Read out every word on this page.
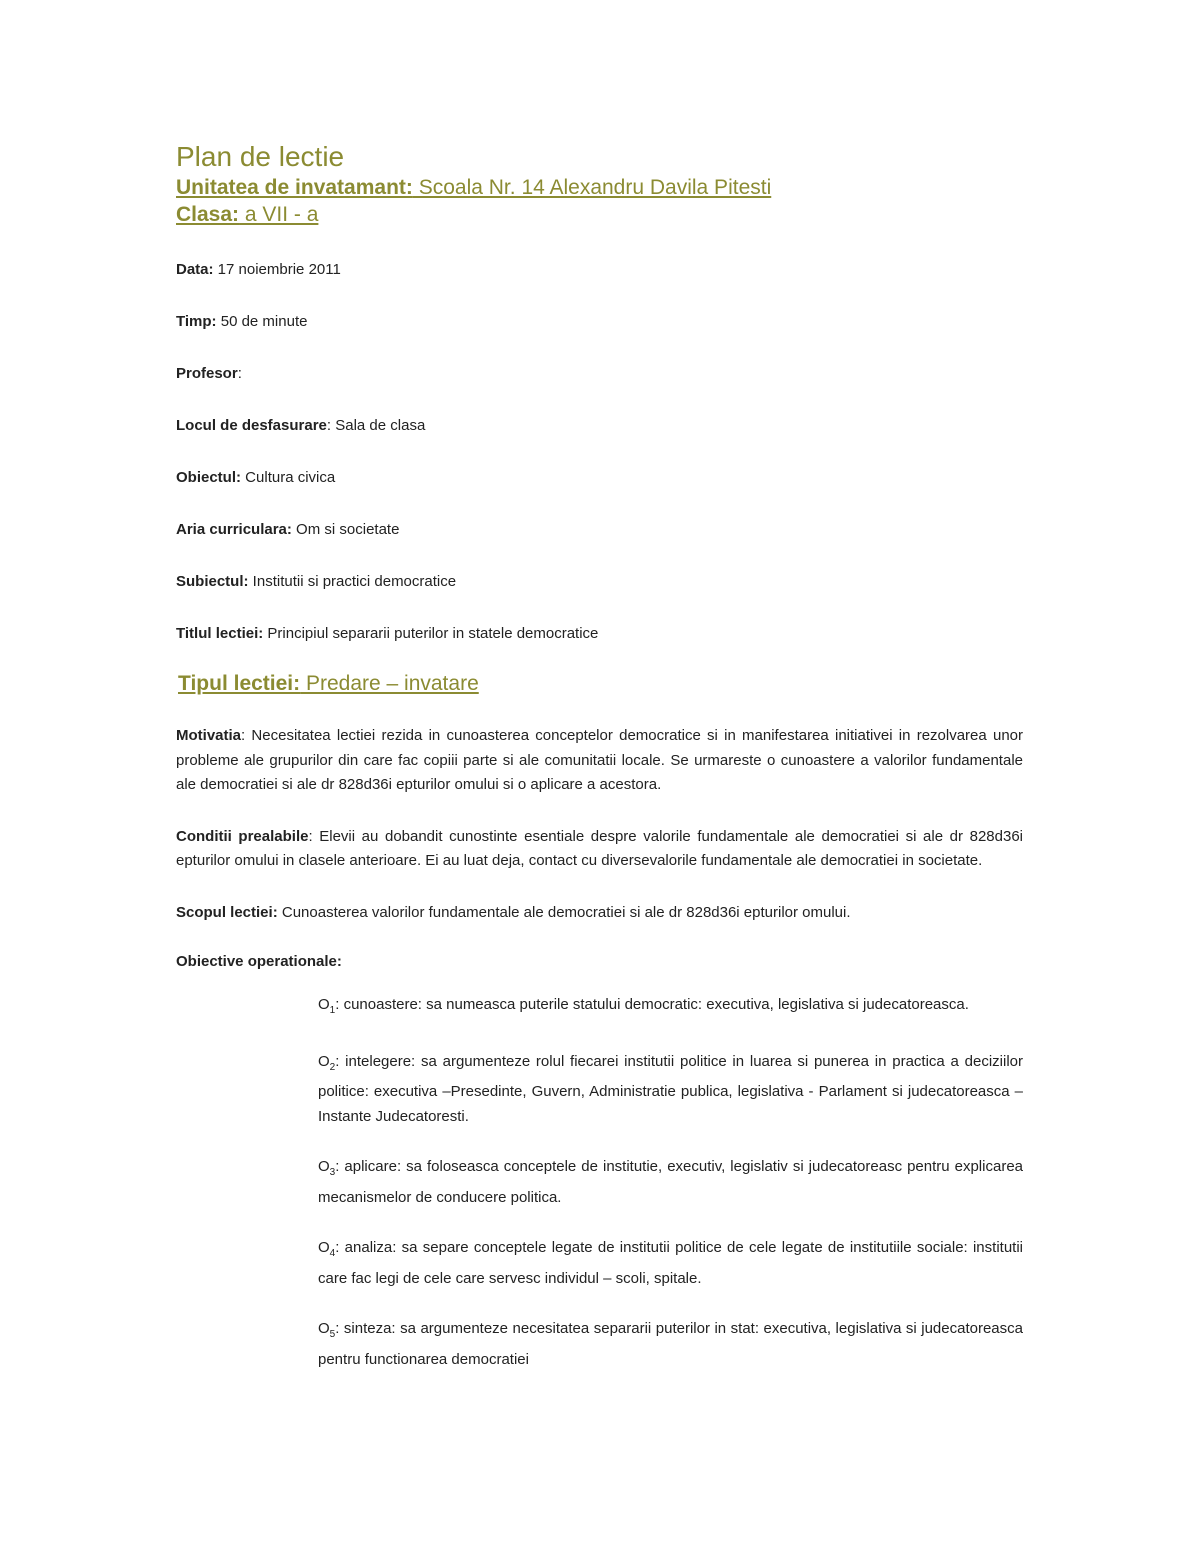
Plan de lectie
Unitatea de invatamant: Scoala Nr. 14 Alexandru Davila Pitesti
Clasa: a VII - a
Data: 17 noiembrie 2011
Timp: 50 de minute
Profesor:
Locul de desfasurare: Sala de clasa
Obiectul: Cultura civica
Aria curriculara: Om si societate
Subiectul: Institutii si practici democratice
Titlul lectiei: Principiul separarii puterilor in statele democratice
Tipul lectiei: Predare – invatare
Motivatia: Necesitatea lectiei rezida in cunoasterea conceptelor democratice si in manifestarea initiativei in rezolvarea unor probleme ale grupurilor din care fac copiii parte si ale comunitatii locale. Se urmareste o cunoastere a valorilor fundamentale ale democratiei si ale dr 828d36i epturilor omului si o aplicare a acestora.
Conditii prealabile: Elevii au dobandit cunostinte esentiale despre valorile fundamentale ale democratiei si ale dr 828d36i epturilor omului in clasele anterioare. Ei au luat deja, contact cu diversevalorile fundamentale ale democratiei in societate.
Scopul lectiei: Cunoasterea valorilor fundamentale ale democratiei si ale dr 828d36i epturilor omului.
Obiective operationale:
$O_1$: cunoastere: sa numeasca puterile statului democratic: executiva, legislativa si judecatoreasca.
$O_2$: intelegere: sa argumenteze rolul fiecarei institutii politice in luarea si punerea in practica a deciziilor politice: executiva –Presedinte, Guvern, Administratie publica, legislativa - Parlament si judecatoreasca – Instante Judecatoresti.
$O_3$: aplicare: sa foloseasca conceptele de institutie, executiv, legislativ si judecatoreasc pentru explicarea mecanismelor de conducere politica.
$O_4$: analiza: sa separe conceptele legate de institutii politice de cele legate de institutiile sociale: institutii care fac legi de cele care servesc individul – scoli, spitale.
$O_5$: sinteza: sa argumenteze necesitatea separarii puterilor in stat: executiva, legislativa si judecatoreasca pentru functionarea democratiei
